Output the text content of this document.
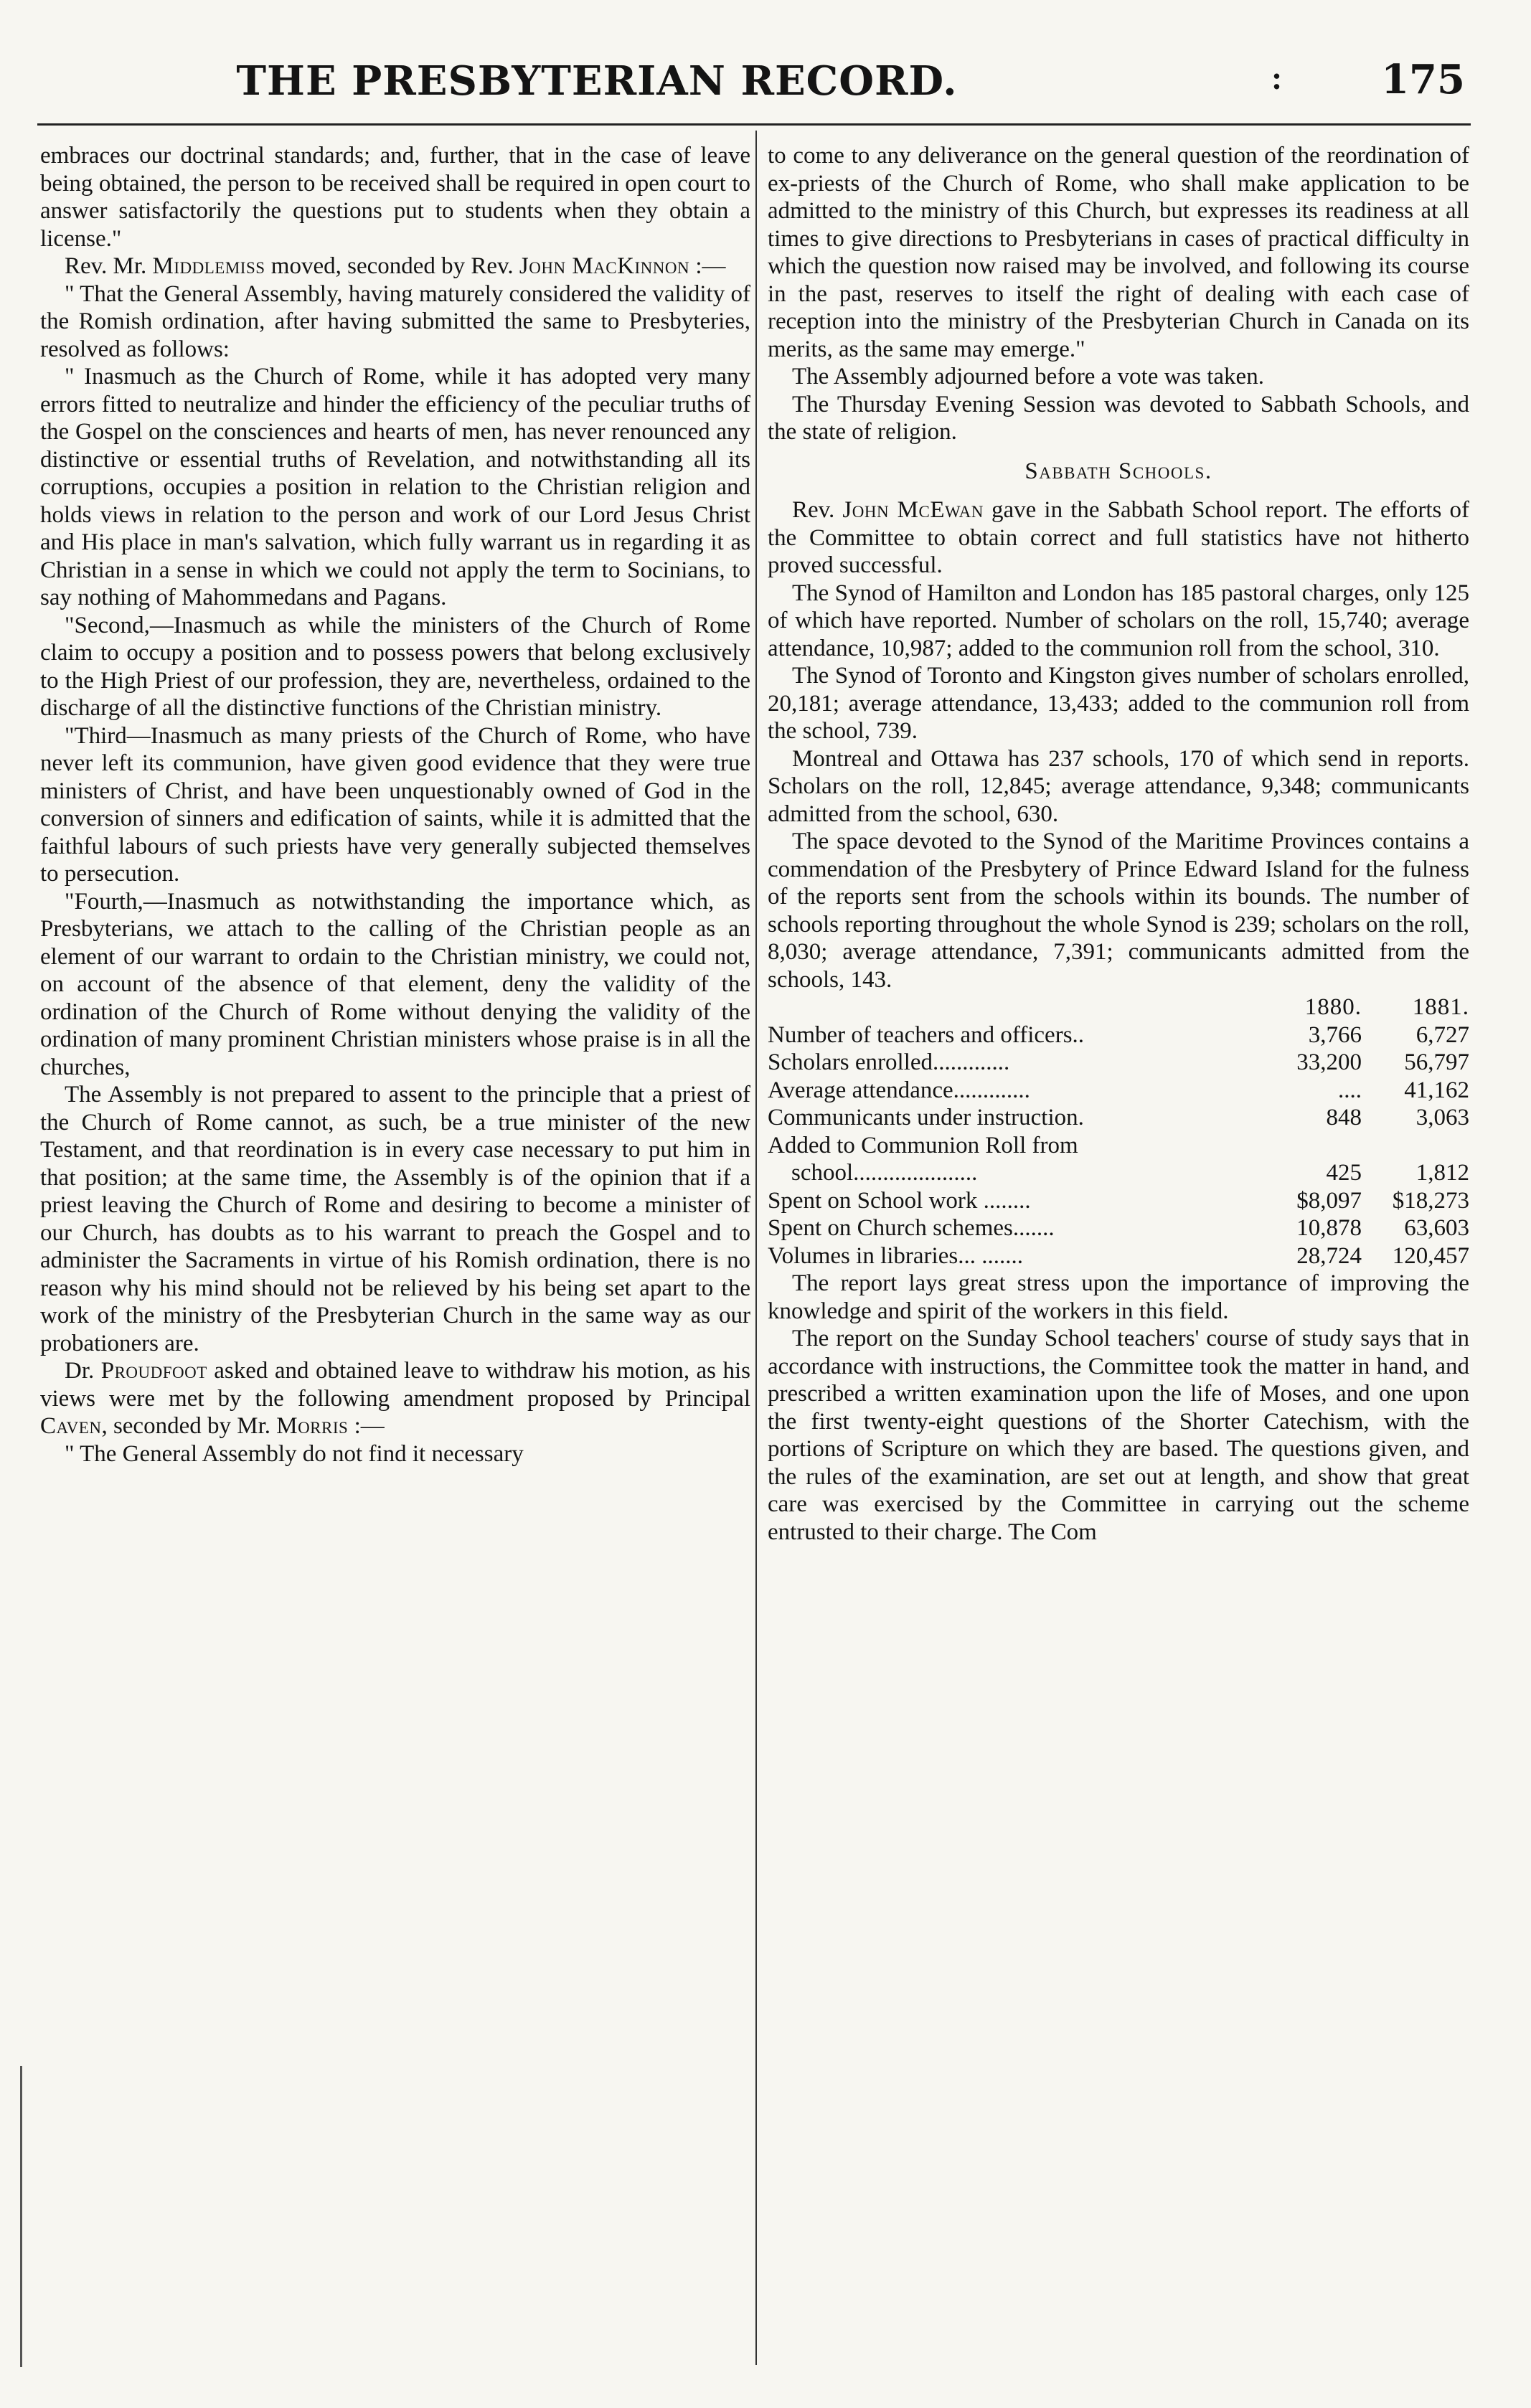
THE PRESBYTERIAN RECORD.	: 175

embraces our doctrinal standards; and, further, that in the case of leave being obtained, the person to be received shall be required in open court to answer satisfactorily the questions put to students when they obtain a license."

Rev. Mr. Middlemiss moved, seconded by Rev. John MacKinnon :—

" That the General Assembly, having maturely considered the validity of the Romish ordination, after having submitted the same to Presbyteries, resolved as follows:

" Inasmuch as the Church of Rome, while it has adopted very many errors fitted to neutralize and hinder the efficiency of the peculiar truths of the Gospel on the consciences and hearts of men, has never renounced any distinctive or essential truths of Revelation, and notwithstanding all its corruptions, occupies a position in relation to the Christian religion and holds views in relation to the person and work of our Lord Jesus Christ and His place in man's salvation, which fully warrant us in regarding it as Christian in a sense in which we could not apply the term to Socinians, to say nothing of Mahommedans and Pagans.

"Second,—Inasmuch as while the ministers of the Church of Rome claim to occupy a position and to possess powers that belong exclusively to the High Priest of our profession, they are, nevertheless, ordained to the discharge of all the distinctive functions of the Christian ministry.

"Third—Inasmuch as many priests of the Church of Rome, who have never left its communion, have given good evidence that they were true ministers of Christ, and have been unquestionably owned of God in the conversion of sinners and edification of saints, while it is admitted that the faithful labours of such priests have very generally subjected themselves to persecution.

"Fourth,—Inasmuch as notwithstanding the importance which, as Presbyterians, we attach to the calling of the Christian people as an element of our warrant to ordain to the Christian ministry, we could not, on account of the absence of that element, deny the validity of the ordination of the Church of Rome without denying the validity of the ordination of many prominent Christian ministers whose praise is in all the churches,

The Assembly is not prepared to assent to the principle that a priest of the Church of Rome cannot, as such, be a true minister of the new Testament, and that reordination is in every case necessary to put him in that position; at the same time, the Assembly is of the opinion that if a priest leaving the Church of Rome and desiring to become a minister of our Church, has doubts as to his warrant to preach the Gospel and to administer the Sacraments in virtue of his Romish ordination, there is no reason why his mind should not be relieved by his being set apart to the work of the ministry of the Presbyterian Church in the same way as our probationers are.

Dr. Proudfoot asked and obtained leave to withdraw his motion, as his views were met by the following amendment proposed by Principal Caven, seconded by Mr. Morris :—

" The General Assembly do not find it necessary

to come to any deliverance on the general question of the reordination of ex-priests of the Church of Rome, who shall make application to be admitted to the ministry of this Church, but expresses its readiness at all times to give directions to Presbyterians in cases of practical difficulty in which the question now raised may be involved, and following its course in the past, reserves to itself the right of dealing with each case of reception into the ministry of the Presbyterian Church in Canada on its merits, as the same may emerge."

The Assembly adjourned before a vote was taken.

The Thursday Evening Session was devoted to Sabbath Schools, and the state of religion.

Sabbath Schools.

Rev. John McEwan gave in the Sabbath School report. The efforts of the Committee to obtain correct and full statistics have not hitherto proved successful.

The Synod of Hamilton and London has 185 pastoral charges, only 125 of which have reported. Number of scholars on the roll, 15,740; average attendance, 10,987; added to the communion roll from the school, 310.

The Synod of Toronto and Kingston gives number of scholars enrolled, 20,181; average attendance, 13,433; added to the communion roll from the school, 739.

Montreal and Ottawa has 237 schools, 170 of which send in reports. Scholars on the roll, 12,845; average attendance, 9,348; communicants admitted from the school, 630.

The space devoted to the Synod of the Maritime Provinces contains a commendation of the Presbytery of Prince Edward Island for the fulness of the reports sent from the schools within its bounds. The number of schools reporting throughout the whole Synod is 239; scholars on the roll, 8,030; average attendance, 7,391; communicants admitted from the schools, 143.

1880.	1881.
Number of teachers and officers..	3,766	6,727
Scholars enrolled.............	33,200	56,797
Average attendance.............	....	41,162
Communicants under instruction.	848	3,063
Added to Communion Roll from
school.....................	425	1,812
Spent on School work ........	$8,097	$18,273
Spent on Church schemes.......	10,878	63,603
Volumes in libraries... .......	28,724	120,457

The report lays great stress upon the importance of improving the knowledge and spirit of the workers in this field.

The report on the Sunday School teachers' course of study says that in accordance with instructions, the Committee took the matter in hand, and prescribed a written examination upon the life of Moses, and one upon the first twenty-eight questions of the Shorter Catechism, with the portions of Scripture on which they are based. The questions given, and the rules of the examination, are set out at length, and show that great care was exercised by the Committee in carrying out the scheme entrusted to their charge. The Com
